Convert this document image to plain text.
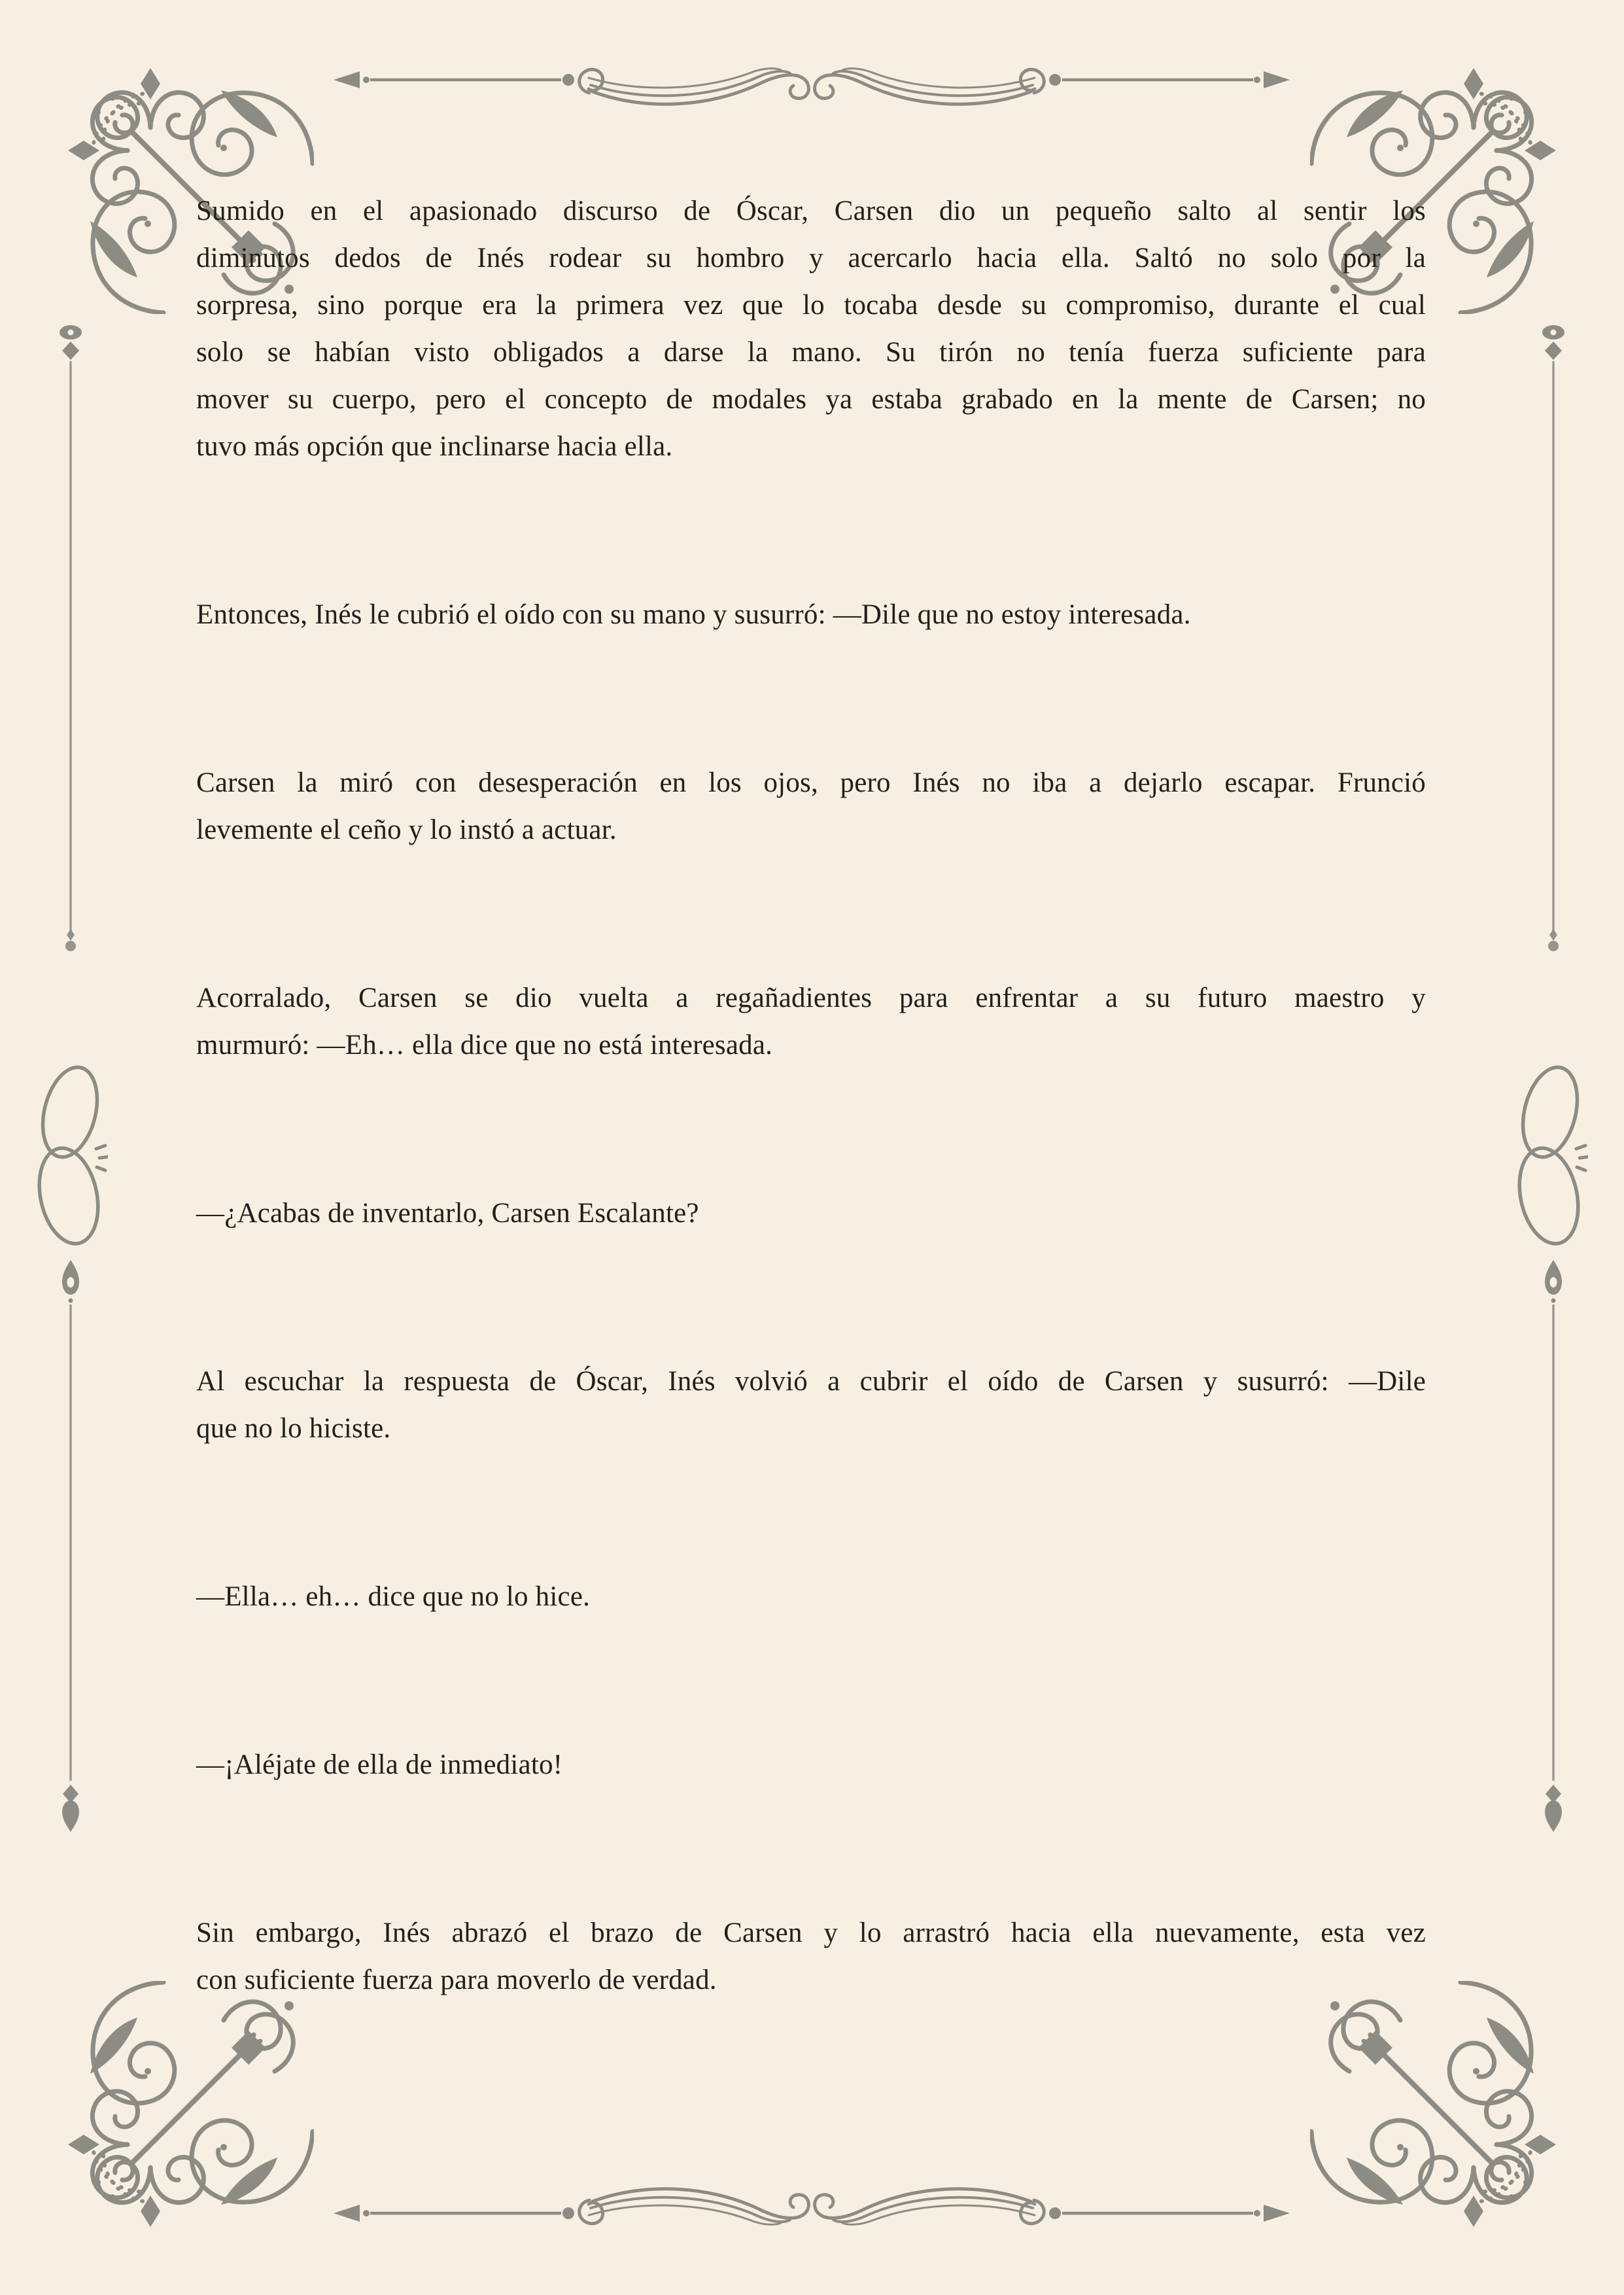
Sumido en el apasionado discurso de Óscar, Carsen dio un pequeño salto al sentir los
diminutos dedos de Inés rodear su hombro y acercarlo hacia ella. Saltó no solo por la
sorpresa, sino porque era la primera vez que lo tocaba desde su compromiso, durante el cual
solo se habían visto obligados a darse la mano. Su tirón no tenía fuerza suficiente para
mover su cuerpo, pero el concepto de modales ya estaba grabado en la mente de Carsen; no
tuvo más opción que inclinarse hacia ella.
Entonces, Inés le cubrió el oído con su mano y susurró: —Dile que no estoy interesada.
Carsen la miró con desesperación en los ojos, pero Inés no iba a dejarlo escapar. Frunció
levemente el ceño y lo instó a actuar.
Acorralado, Carsen se dio vuelta a regañadientes para enfrentar a su futuro maestro y
murmuró: —Eh… ella dice que no está interesada.
—¿Acabas de inventarlo, Carsen Escalante?
Al escuchar la respuesta de Óscar, Inés volvió a cubrir el oído de Carsen y susurró: —Dile
que no lo hiciste.
—Ella… eh… dice que no lo hice.
—¡Aléjate de ella de inmediato!
Sin embargo, Inés abrazó el brazo de Carsen y lo arrastró hacia ella nuevamente, esta vez
con suficiente fuerza para moverlo de verdad.
